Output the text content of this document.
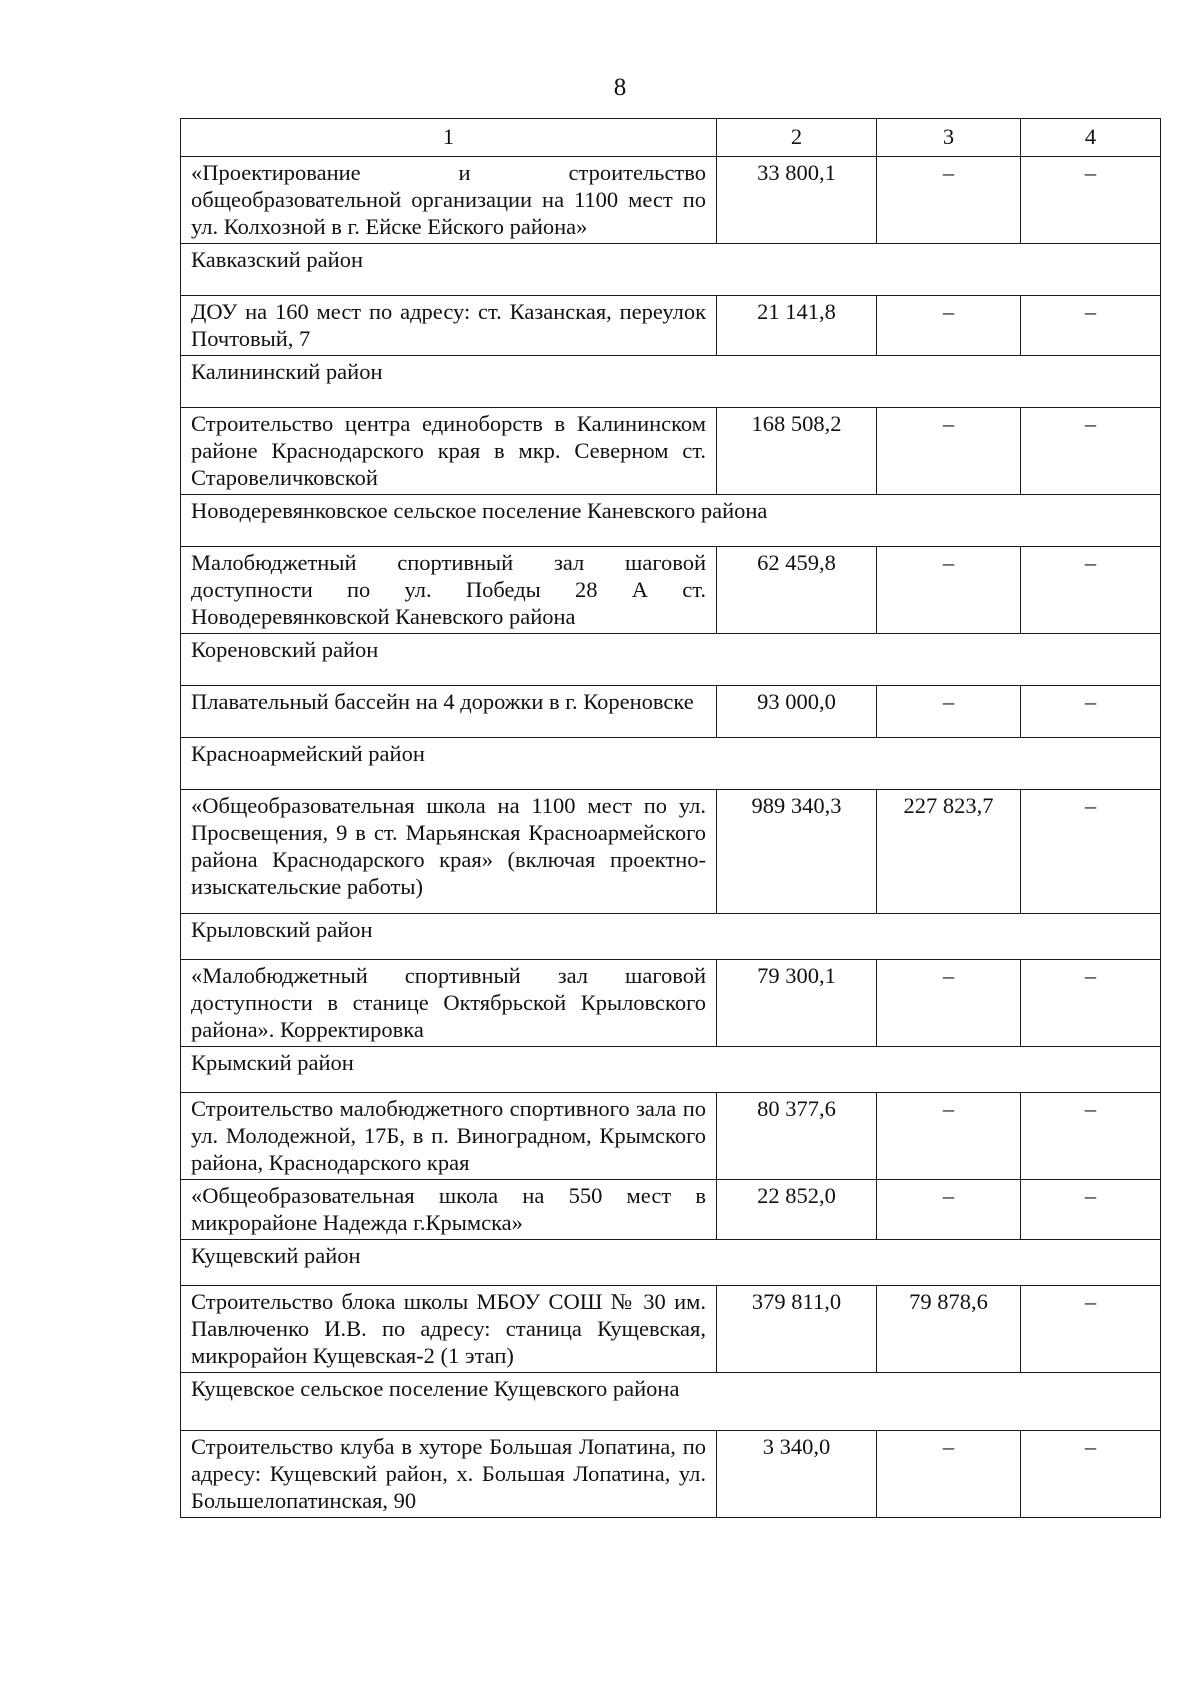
8
1	2	3	4
«Проектирование и строительство общеобразовательной организации на 1100 мест по ул. Колхозной в г. Ейске Ейского района»	33 800,1	–	–
Кавказский район			
ДОУ на 160 мест по адресу: ст. Казанская, переулок Почтовый, 7	21 141,8	–	–
Калининский район			
Строительство центра единоборств в Калининском районе Краснодарского края в мкр. Северном ст. Старовеличковской	168 508,2	–	–
Новодеревянковское сельское поселение Каневского района			
Малобюджетный спортивный зал шаговой доступности по ул. Победы 28 А ст. Новодеревянковской Каневского района	62 459,8	–	–
Кореновский район			
Плавательный бассейн на 4 дорожки в г. Кореновске	93 000,0	–	–
Красноармейский район			
«Общеобразовательная школа на 1100 мест по ул. Просвещения, 9 в ст. Марьянская Красноармейского района Краснодарского края» (включая проектно-изыскательские работы)	989 340,3	227 823,7	–
Крыловский район			
«Малобюджетный спортивный зал шаговой доступности в станице Октябрьской Крыловского района». Корректировка	79 300,1	–	–
Крымский район			
Строительство малобюджетного спортивного зала по ул. Молодежной, 17Б, в п. Виноградном, Крымского района, Краснодарского края	80 377,6	–	–
«Общеобразовательная школа на 550 мест в микрорайоне Надежда г.Крымска»	22 852,0	–	–
Кущевский район			
Строительство блока школы МБОУ СОШ № 30 им. Павлюченко И.В. по адресу: станица Кущевская, микрорайон Кущевская-2 (1 этап)	379 811,0	79 878,6	–
Кущевское сельское поселение Кущевского района			
Строительство клуба в хуторе Большая Лопатина, по адресу: Кущевский район, х. Большая Лопатина, ул. Большелопатинская, 90	3 340,0	–	–
